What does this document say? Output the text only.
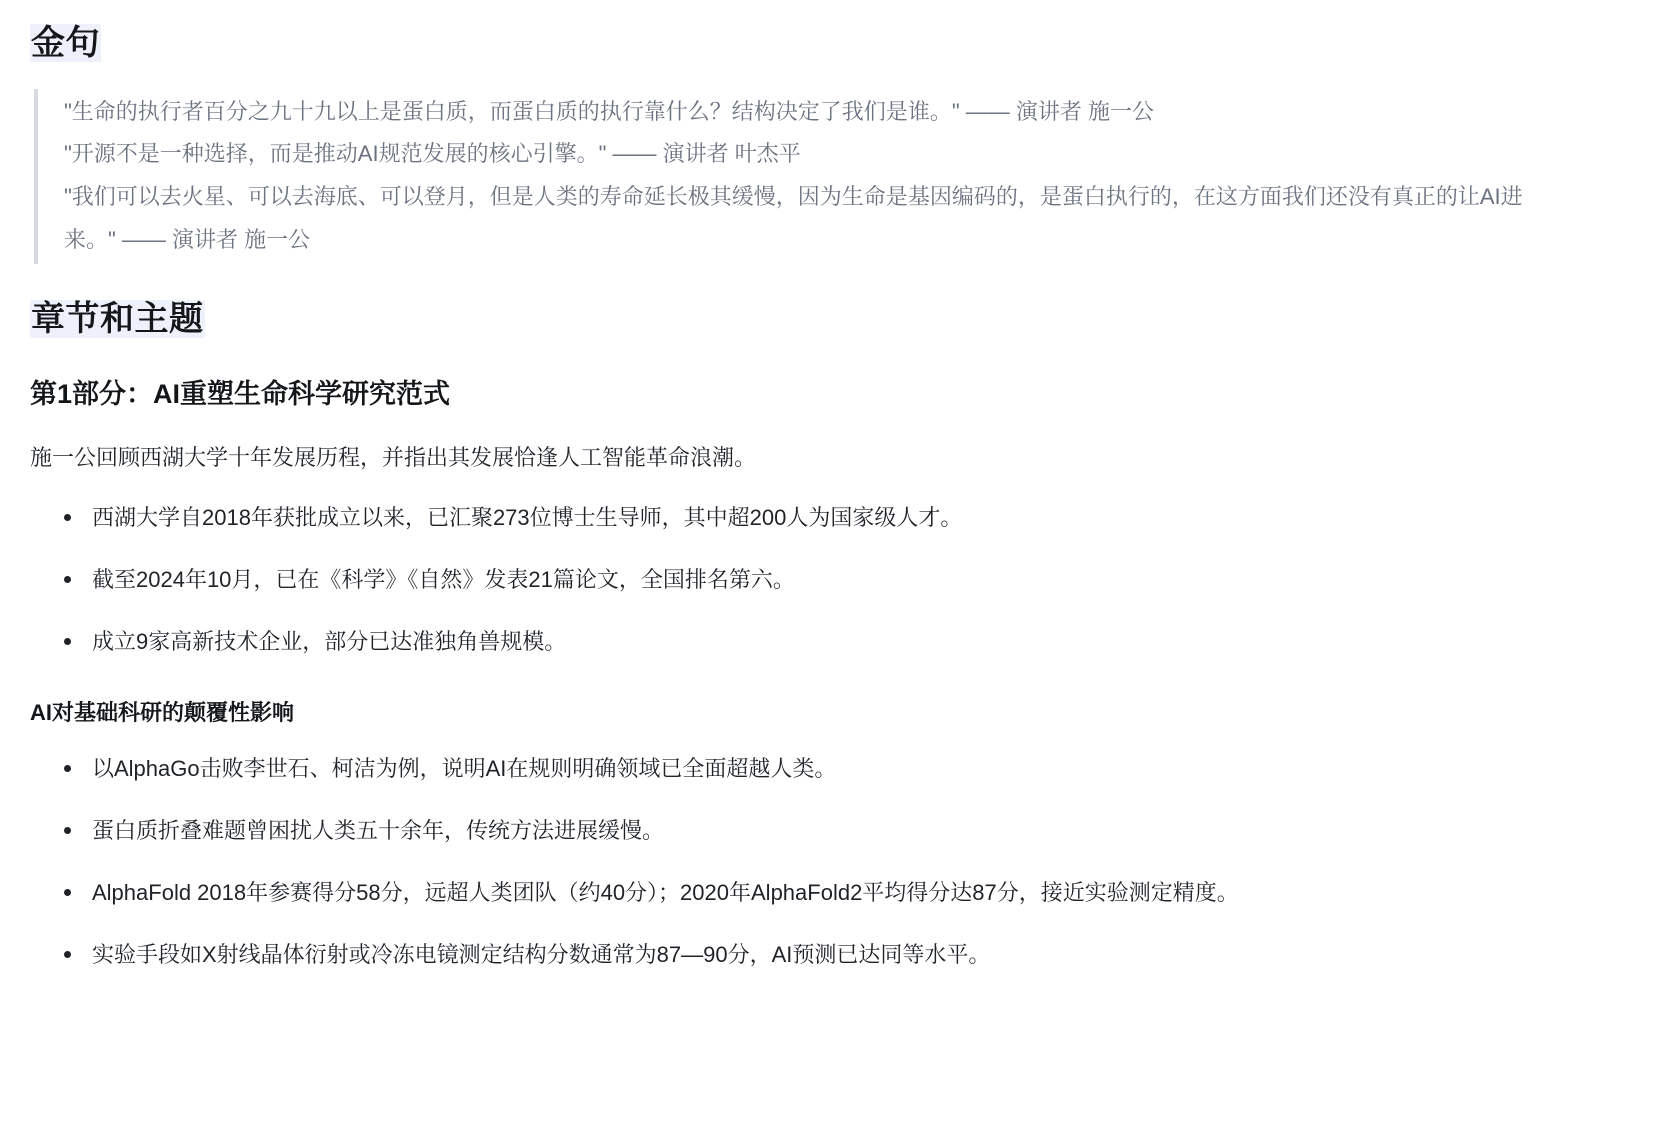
金句

"生命的执行者百分之九十九以上是蛋白质，而蛋白质的执行靠什么？结构决定了我们是谁。" —— 演讲者 施一公

"开源不是一种选择，而是推动AI规范发展的核心引擎。" —— 演讲者 叶杰平

"我们可以去火星、可以去海底、可以登月，但是人类的寿命延长极其缓慢，因为生命是基因编码的，是蛋白执行的，在这方面我们还没有真正的让AI进来。" —— 演讲者 施一公

章节和主题
第1部分：AI重塑生命科学研究范式

施一公回顾西湖大学十年发展历程，并指出其发展恰逢人工智能革命浪潮。

西湖大学自2018年获批成立以来，已汇聚273位博士生导师，其中超200人为国家级人才。
截至2024年10月，已在《科学》《自然》发表21篇论文，全国排名第六。
成立9家高新技术企业，部分已达准独角兽规模。
AI对基础科研的颠覆性影响
以AlphaGo击败李世石、柯洁为例，说明AI在规则明确领域已全面超越人类。
蛋白质折叠难题曾困扰人类五十余年，传统方法进展缓慢。
AlphaFold 2018年参赛得分58分，远超人类团队（约40分）；2020年AlphaFold2平均得分达87分，接近实验测定精度。
实验手段如X射线晶体衍射或冷冻电镜测定结构分数通常为87—90分，AI预测已达同等水平。
